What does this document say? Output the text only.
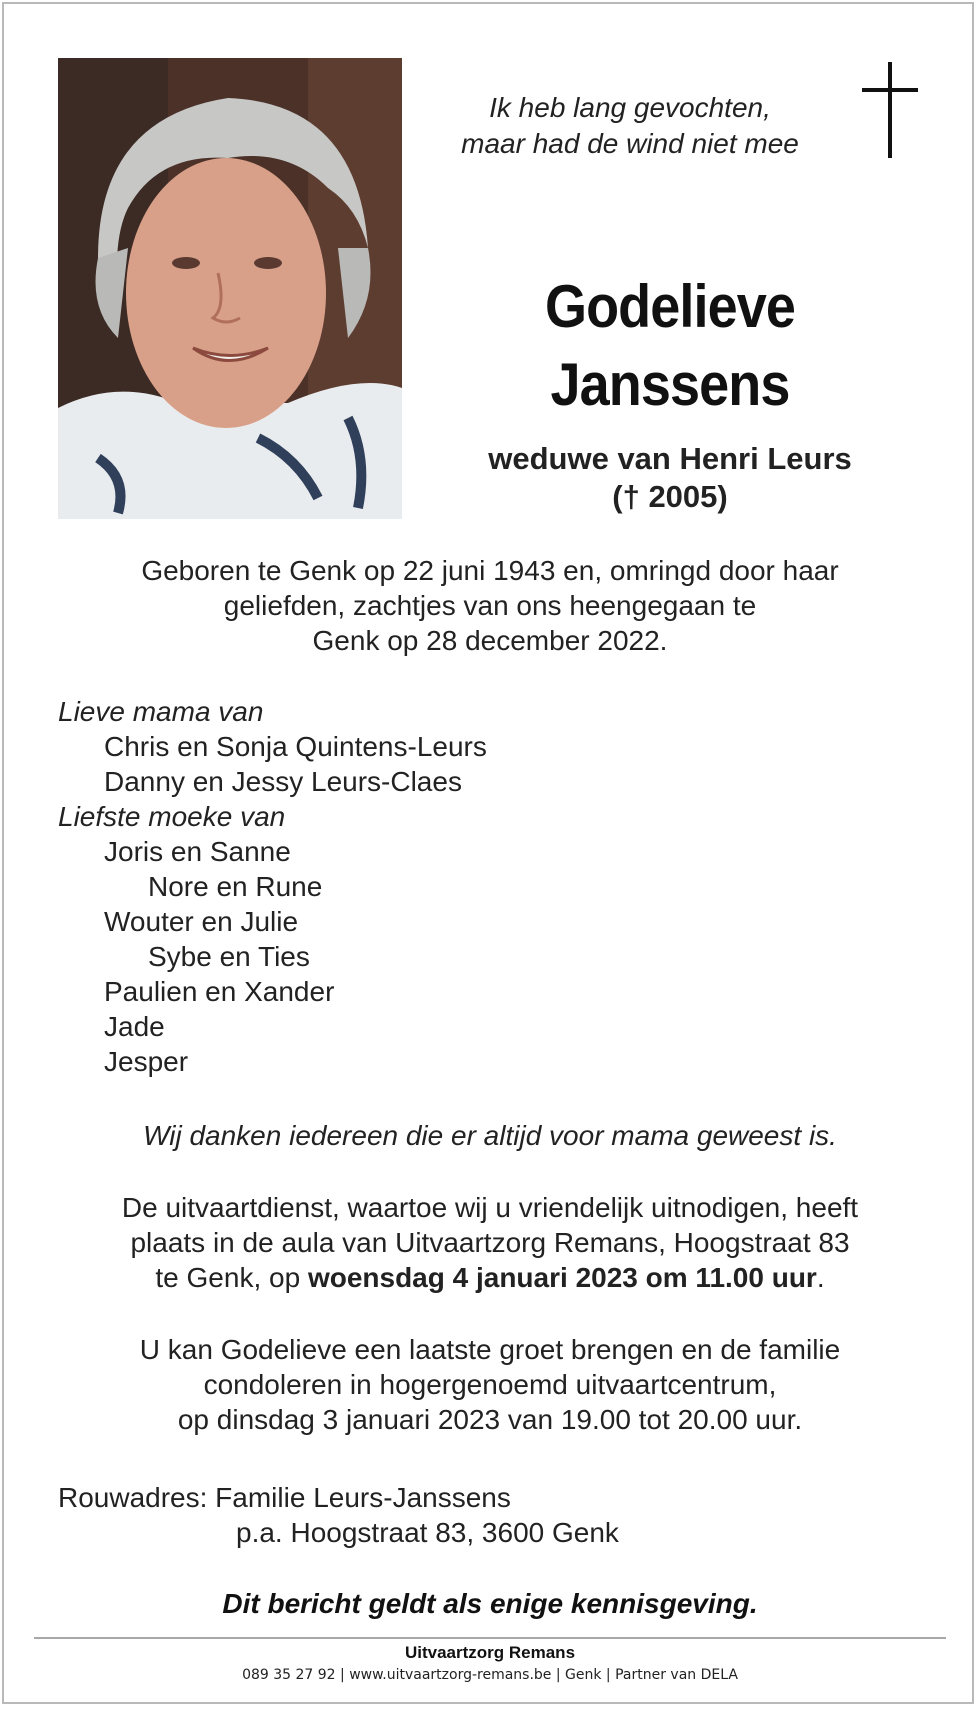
Ik heb lang gevochten,
maar had de wind niet mee
Godelieve
Janssens
weduwe van Henri Leurs
(† 2005)
Geboren te Genk op 22 juni 1943 en, omringd door haar
geliefden, zachtjes van ons heengegaan te
Genk op 28 december 2022.
Lieve mama van
Chris en Sonja Quintens-Leurs
Danny en Jessy Leurs-Claes
Liefste moeke van
Joris en Sanne
Nore en Rune
Wouter en Julie
Sybe en Ties
Paulien en Xander
Jade
Jesper
Wij danken iedereen die er altijd voor mama geweest is.
De uitvaartdienst, waartoe wij u vriendelijk uitnodigen, heeft
plaats in de aula van Uitvaartzorg Remans, Hoogstraat 83
te Genk, op woensdag 4 januari 2023 om 11.00 uur.
U kan Godelieve een laatste groet brengen en de familie
condoleren in hogergenoemd uitvaartcentrum,
op dinsdag 3 januari 2023 van 19.00 tot 20.00 uur.
Rouwadres: Familie Leurs-Janssens
p.a. Hoogstraat 83, 3600 Genk
Dit bericht geldt als enige kennisgeving.
Uitvaartzorg Remans
089 35 27 92 | www.uitvaartzorg-remans.be | Genk | Partner van DELA
